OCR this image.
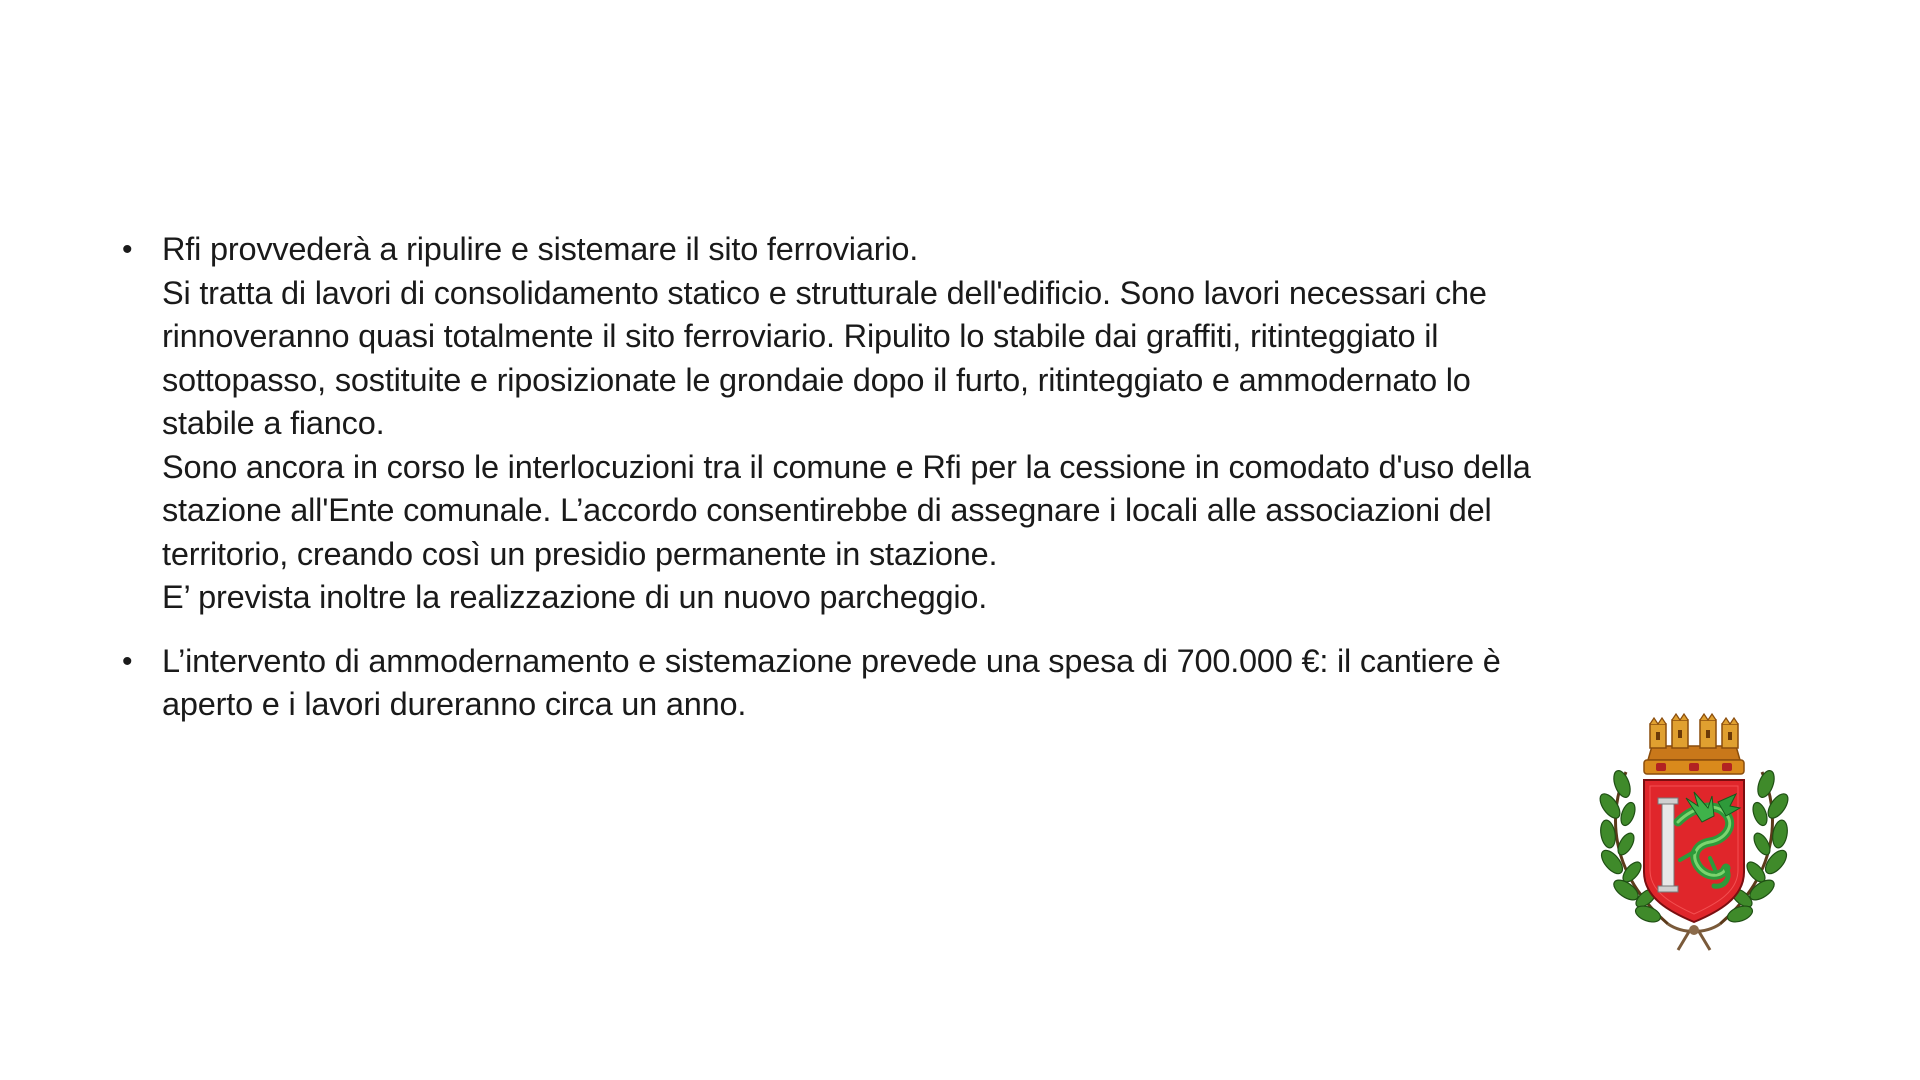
• Rfi provvederà a ripulire e sistemare il sito ferroviario.
Si tratta di lavori di consolidamento statico e strutturale dell'edificio. Sono lavori necessari che
rinnoveranno quasi totalmente il sito ferroviario. Ripulito lo stabile dai graffiti, ritinteggiato il
sottopasso, sostituite e riposizionate le grondaie dopo il furto, ritinteggiato e ammodernato lo
stabile a fianco.
Sono ancora in corso le interlocuzioni tra il comune e Rfi per la cessione in comodato d'uso della
stazione all'Ente comunale. L’accordo consentirebbe di assegnare i locali alle associazioni del
territorio, creando così un presidio permanente in stazione.
E’ prevista inoltre la realizzazione di un nuovo parcheggio.
• L’intervento di ammodernamento e sistemazione prevede una spesa di 700.000 €: il cantiere è
aperto e i lavori dureranno circa un anno.
